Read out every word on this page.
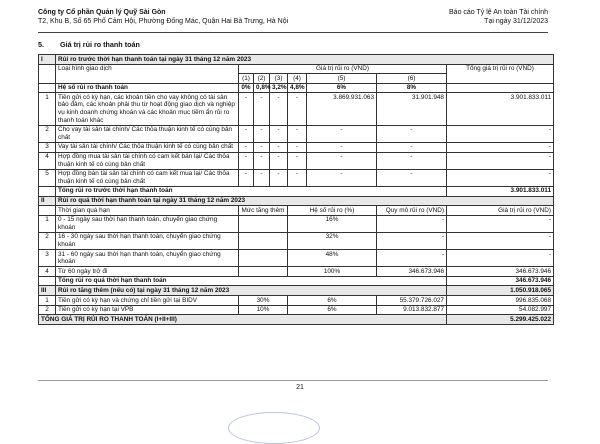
Công ty Cổ phần Quản lý Quỹ Sài Gòn
T2, Khu B, Số 65 Phố Cảm Hội, Phường Đống Mác, Quận Hai Bà Trưng, Hà Nội
Báo cáo Tỷ lệ An toàn Tài chính
Tại ngày 31/12/2023
5. Giá trị rủi ro thanh toán
I	Rủi ro trước thời hạn thanh toán tại ngày 31 tháng 12 năm 2023							
	Loại hình giao dịch	Giá trị rủi ro (VND)						Tổng giá trị rủi ro (VND)
		(1)	(2)	(3)	(4)	(5)	(6)	
	Hệ số rủi ro thanh toán	0%	0,8%	3,2%	4,8%	6%	8%	
1	Tiền gửi có kỳ hạn, các khoản tiền cho vay không có tài sản bảo đảm, các khoản phải thu từ hoạt động giao dịch và nghiệp vụ kinh doanh chứng khoán và các khoản mục tiềm ẩn rủi ro thanh toán khác	-	-	-	-	3.869.931.063	31.901.948	3.901.833.011
2	Cho vay tài sản tài chính/ Các thỏa thuận kinh tế có cùng bản chất	-	-	-	-	-	-	-
3	Vay tài sản tài chính/ Các thỏa thuận kinh tế có cùng bản chất	-	-	-	-	-	-	-
4	Hợp đồng mua tài sản tài chính có cam kết bán lại/ Các thỏa thuận kinh tế có cùng bản chất	-	-	-	-	-	-	-
5	Hợp đồng bán tài sản tài chính có cam kết mua lại/ Các thỏa thuận kinh tế có cùng bản chất	-	-	-	-	-	-	-
	Tổng rủi ro trước thời hạn thanh toán							3.901.833.011
II	Rủi ro quá thời hạn thanh toán tại ngày 31 tháng 12 năm 2023							
	Thời gian quá hạn	Mức tăng thêm			Hệ số rủi ro (%)		Quy mô rủi ro (VND)	Giá trị rủi ro (VND)
1	0 - 15 ngày sau thời hạn thanh toán, chuyển giao chứng khoán				16%		-	-
2	16 - 30 ngày sau thời hạn thanh toán, chuyển giao chứng khoán				32%		-	-
3	31 - 60 ngày sau thời hạn thanh toán, chuyển giao chứng khoán				48%		-	-
4	Từ 60 ngày trở đi				100%		346.673.946	346.673.946
	Tổng rủi ro quá thời hạn thanh toán							346.673.946
III	Rủi ro tăng thêm (nếu có) tại ngày 31 tháng 12 năm 2023							1.050.918.065
1	Tiền gửi có kỳ hạn và chứng chỉ tiền gửi tại BIDV	30%			6%		55.379.726.027	996.835.068
2	Tiền gửi có kỳ hạn tại VPB	10%			6%		9.013.832.877	54.082.997
TỔNG GIÁ TRỊ RỦI RO THANH TOÁN (I+II+III)								5.299.425.022
21
